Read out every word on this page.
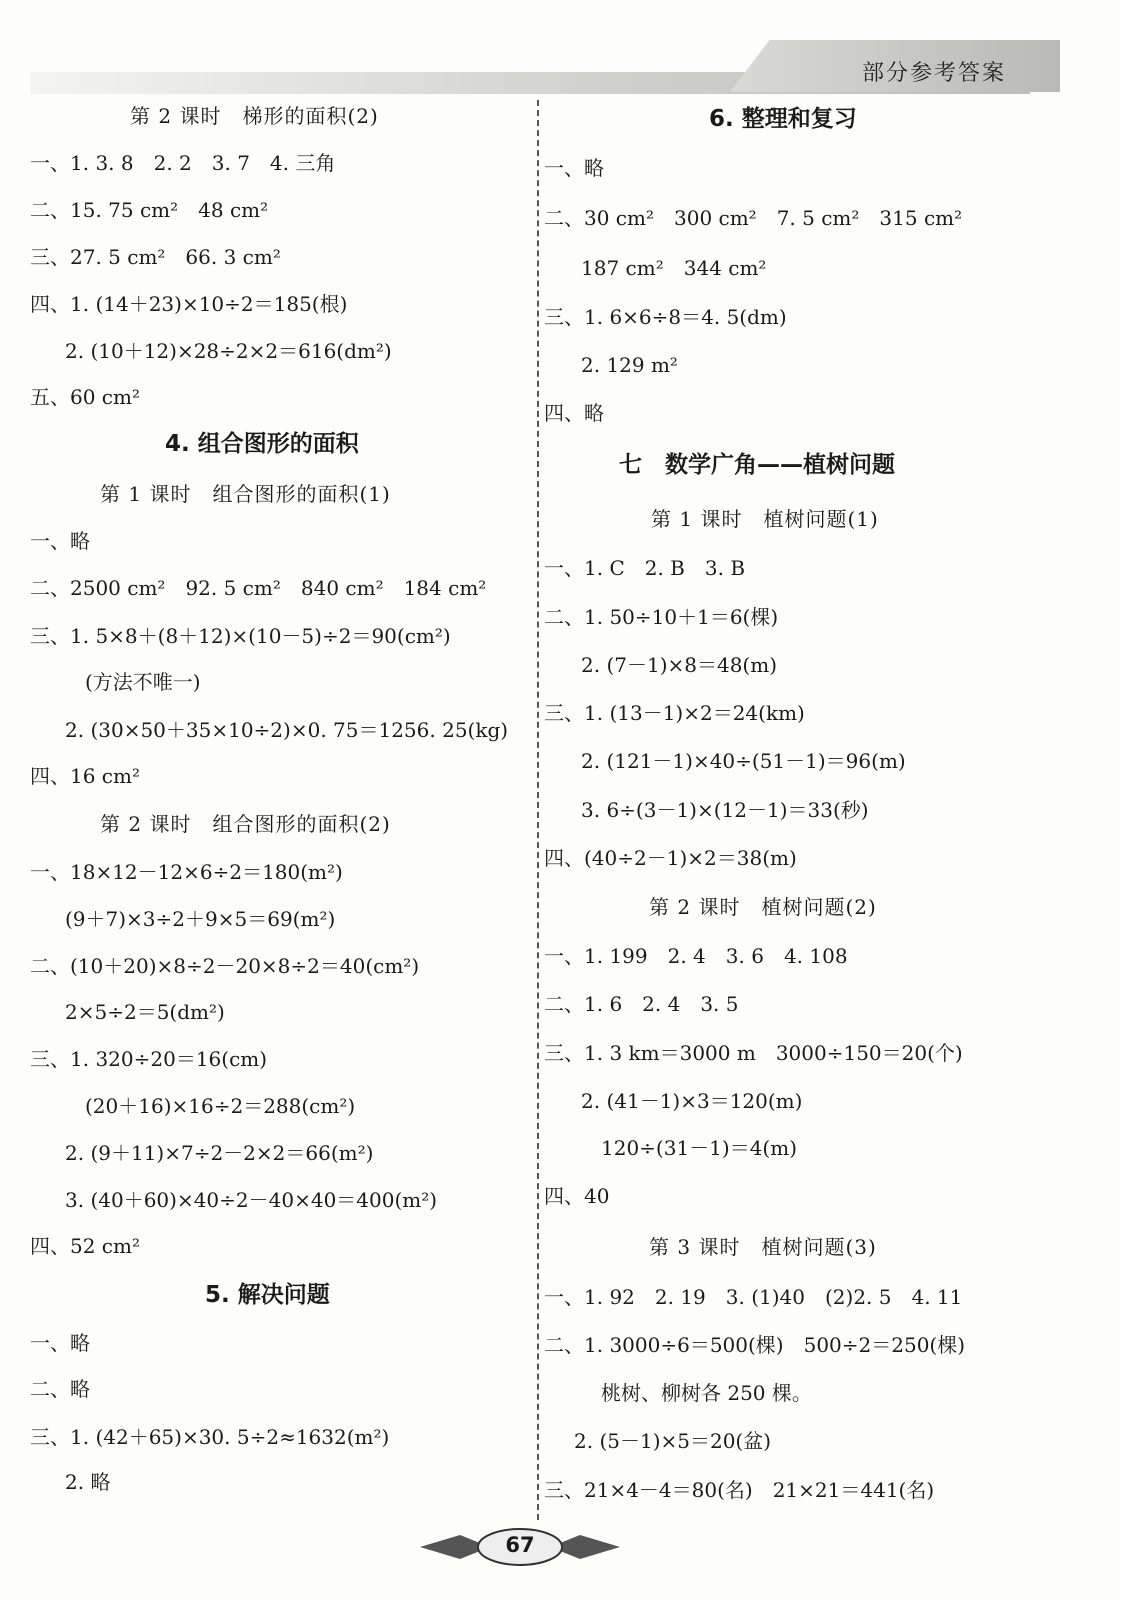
部分参考答案
第 2 课时　梯形的面积(2)
一、1. 3. 8　2. 2　3. 7　4. 三角
二、15. 75 cm²　48 cm²
三、27. 5 cm²　66. 3 cm²
四、1. (14＋23)×10÷2＝185(根)
2. (10＋12)×28÷2×2＝616(dm²)
五、60 cm²
4. 组合图形的面积
第 1 课时　组合图形的面积(1)
一、略
二、2500 cm²　92. 5 cm²　840 cm²　184 cm²
三、1. 5×8＋(8＋12)×(10－5)÷2＝90(cm²)
(方法不唯一)
2. (30×50＋35×10÷2)×0. 75＝1256. 25(kg)
四、16 cm²
第 2 课时　组合图形的面积(2)
一、18×12－12×6÷2＝180(m²)
(9＋7)×3÷2＋9×5＝69(m²)
二、(10＋20)×8÷2－20×8÷2＝40(cm²)
2×5÷2＝5(dm²)
三、1. 320÷20＝16(cm)
(20＋16)×16÷2＝288(cm²)
2. (9＋11)×7÷2－2×2＝66(m²)
3. (40＋60)×40÷2－40×40＝400(m²)
四、52 cm²
5. 解决问题
一、略
二、略
三、1. (42＋65)×30. 5÷2≈1632(m²)
2. 略
6. 整理和复习
一、略
二、30 cm²　300 cm²　7. 5 cm²　315 cm²
187 cm²　344 cm²
三、1. 6×6÷8＝4. 5(dm)
2. 129 m²
四、略
七　数学广角——植树问题
第 1 课时　植树问题(1)
一、1. C　2. B　3. B
二、1. 50÷10＋1＝6(棵)
2. (7－1)×8＝48(m)
三、1. (13－1)×2＝24(km)
2. (121－1)×40÷(51－1)＝96(m)
3. 6÷(3－1)×(12－1)＝33(秒)
四、(40÷2－1)×2＝38(m)
第 2 课时　植树问题(2)
一、1. 199　2. 4　3. 6　4. 108
二、1. 6　2. 4　3. 5
三、1. 3 km＝3000 m　3000÷150＝20(个)
2. (41－1)×3＝120(m)
120÷(31－1)＝4(m)
四、40
第 3 课时　植树问题(3)
一、1. 92　2. 19　3. (1)40　(2)2. 5　4. 11
二、1. 3000÷6＝500(棵)　500÷2＝250(棵)
桃树、柳树各 250 棵。
2. (5－1)×5＝20(盆)
三、21×4－4＝80(名)　21×21＝441(名)
67
